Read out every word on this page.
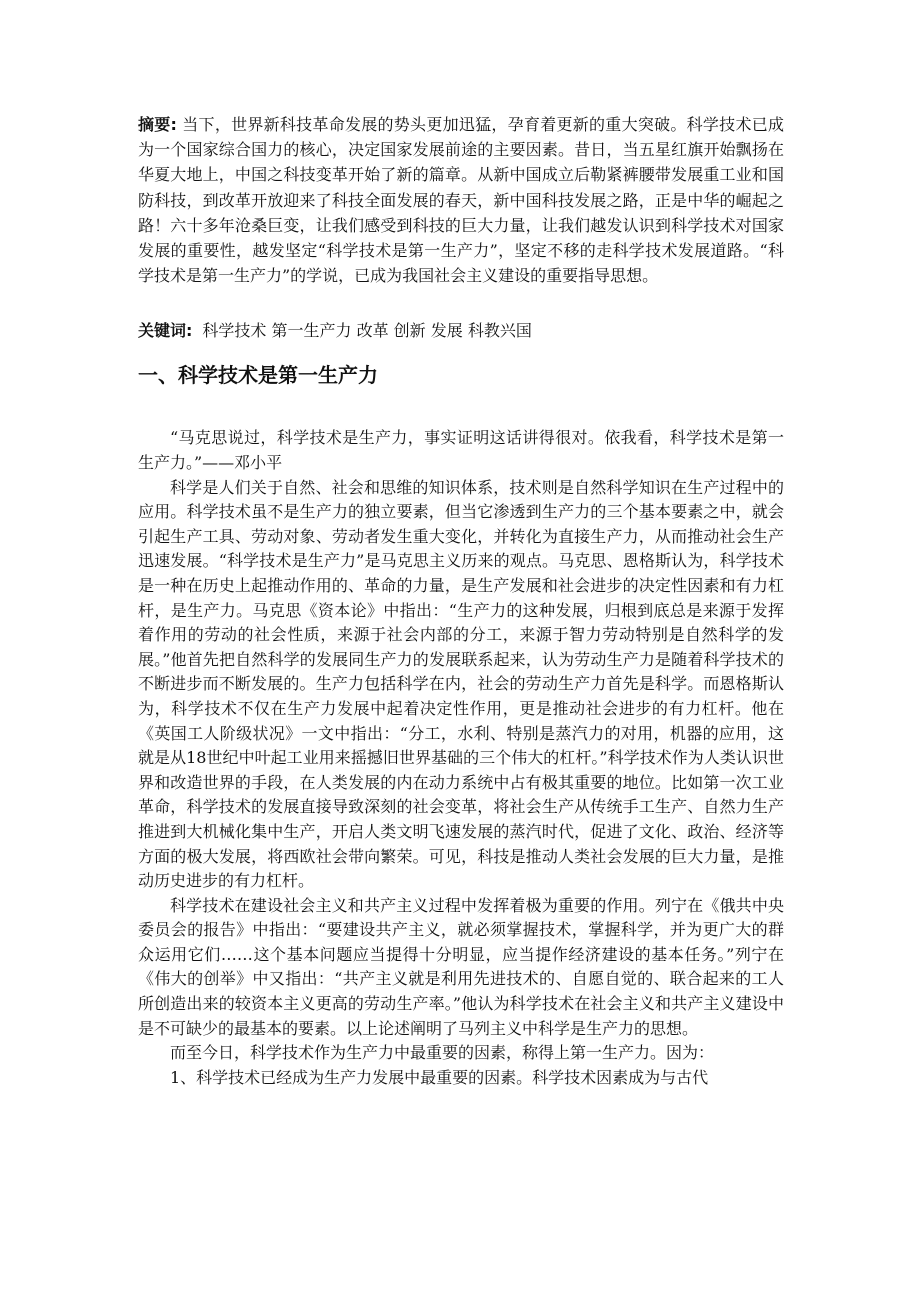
摘要: 当下，世界新科技革命发展的势头更加迅猛，孕育着更新的重大突破。科学技术已成为一个国家综合国力的核心，决定国家发展前途的主要因素。昔日，当五星红旗开始飘扬在华夏大地上，中国之科技变革开始了新的篇章。从新中国成立后勒紧裤腰带发展重工业和国防科技，到改革开放迎来了科技全面发展的春天，新中国科技发展之路，正是中华的崛起之路！六十多年沧桑巨变，让我们感受到科技的巨大力量，让我们越发认识到科学技术对国家发展的重要性，越发坚定“科学技术是第一生产力”，坚定不移的走科学技术发展道路。“科学技术是第一生产力”的学说，已成为我国社会主义建设的重要指导思想。

关键词: 科学技术 第一生产力 改革 创新 发展 科教兴国
一、科学技术是第一生产力

“马克思说过，科学技术是生产力，事实证明这话讲得很对。依我看，科学技术是第一生产力。”——邓小平

科学是人们关于自然、社会和思维的知识体系，技术则是自然科学知识在生产过程中的应用。科学技术虽不是生产力的独立要素，但当它渗透到生产力的三个基本要素之中，就会引起生产工具、劳动对象、劳动者发生重大变化，并转化为直接生产力，从而推动社会生产迅速发展。“科学技术是生产力”是马克思主义历来的观点。马克思、恩格斯认为，科学技术是一种在历史上起推动作用的、革命的力量，是生产发展和社会进步的决定性因素和有力杠杆，是生产力。马克思《资本论》中指出：“生产力的这种发展，归根到底总是来源于发挥着作用的劳动的社会性质，来源于社会内部的分工，来源于智力劳动特别是自然科学的发展。”他首先把自然科学的发展同生产力的发展联系起来，认为劳动生产力是随着科学技术的不断进步而不断发展的。生产力包括科学在内，社会的劳动生产力首先是科学。而恩格斯认为，科学技术不仅在生产力发展中起着决定性作用，更是推动社会进步的有力杠杆。他在《英国工人阶级状况》一文中指出：“分工，水利、特别是蒸汽力的对用，机器的应用，这就是从18世纪中叶起工业用来摇撼旧世界基础的三个伟大的杠杆。”科学技术作为人类认识世界和改造世界的手段，在人类发展的内在动力系统中占有极其重要的地位。比如第一次工业革命，科学技术的发展直接导致深刻的社会变革，将社会生产从传统手工生产、自然力生产推进到大机械化集中生产，开启人类文明飞速发展的蒸汽时代，促进了文化、政治、经济等方面的极大发展，将西欧社会带向繁荣。可见，科技是推动人类社会发展的巨大力量，是推动历史进步的有力杠杆。

科学技术在建设社会主义和共产主义过程中发挥着极为重要的作用。列宁在《俄共中央委员会的报告》中指出：“要建设共产主义，就必须掌握技术，掌握科学，并为更广大的群众运用它们……这个基本问题应当提得十分明显，应当提作经济建设的基本任务。”列宁在《伟大的创举》中又指出：“共产主义就是利用先进技术的、自愿自觉的、联合起来的工人所创造出来的较资本主义更高的劳动生产率。”他认为科学技术在社会主义和共产主义建设中是不可缺少的最基本的要素。以上论述阐明了马列主义中科学是生产力的思想。

而至今日，科学技术作为生产力中最重要的因素，称得上第一生产力。因为：

1、科学技术已经成为生产力发展中最重要的因素。科学技术因素成为与古代
